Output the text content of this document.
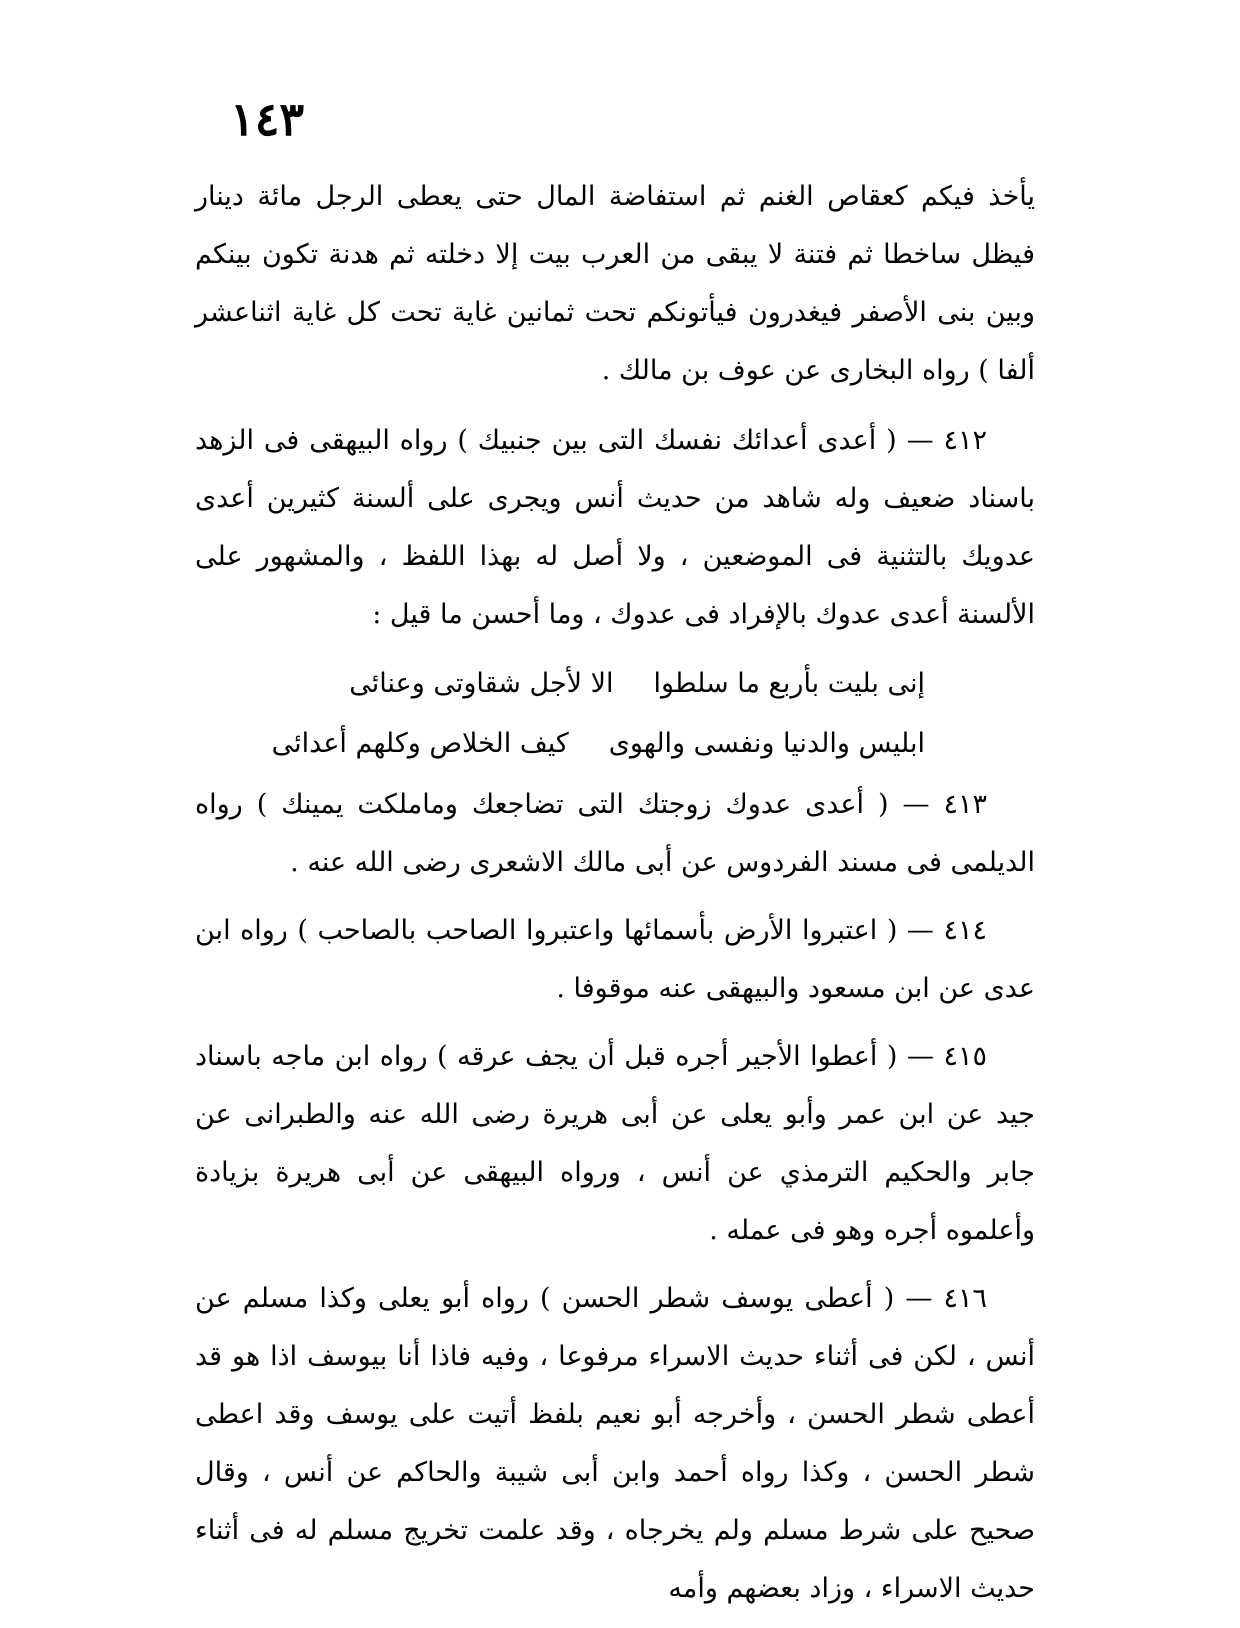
١٤٣

يأخذ فيكم كعقاص الغنم ثم استفاضة المال حتى يعطى الرجل مائة دينار فيظل ساخطا ثم فتنة لا يبقى من العرب بيت إلا دخلته ثم هدنة تكون بينكم وبين بنى الأصفر فيغدرون فيأتونكم تحت ثمانين غاية تحت كل غاية اثناعشر ألفا ) رواه البخارى عن عوف بن مالك .

٤١٢ — ( أعدى أعدائك نفسك التى بين جنبيك ) رواه البيهقى فى الزهد باسناد ضعيف وله شاهد من حديث أنس ويجرى على ألسنة كثيرين أعدى عدويك بالتثنية فى الموضعين ، ولا أصل له بهذا اللفظ ، والمشهور على الألسنة أعدى عدوك بالإفراد فى عدوك ، وما أحسن ما قيل :

إنى بليت بأربع ما سلطوا
الا لأجل شقاوتى وعنائى
ابليس والدنيا ونفسى والهوى
كيف الخلاص وكلهم أعدائى

٤١٣ — ( أعدى عدوك زوجتك التى تضاجعك وماملكت يمينك ) رواه الديلمى فى مسند الفردوس عن أبى مالك الاشعرى رضى الله عنه .

٤١٤ — ( اعتبروا الأرض بأسمائها واعتبروا الصاحب بالصاحب ) رواه ابن عدى عن ابن مسعود والبيهقى عنه موقوفا .

٤١٥ — ( أعطوا الأجير أجره قبل أن يجف عرقه ) رواه ابن ماجه باسناد جيد عن ابن عمر وأبو يعلى عن أبى هريرة رضى الله عنه والطبرانى عن جابر والحكيم الترمذي عن أنس ، ورواه البيهقى عن أبى هريرة بزيادة وأعلموه أجره وهو فى عمله .

٤١٦ — ( أعطى يوسف شطر الحسن ) رواه أبو يعلى وكذا مسلم عن أنس ، لكن فى أثناء حديث الاسراء مرفوعا ، وفيه فاذا أنا بيوسف اذا هو قد أعطى شطر الحسن ، وأخرجه أبو نعيم بلفظ أتيت على يوسف وقد اعطى شطر الحسن ، وكذا رواه أحمد وابن أبى شيبة والحاكم عن أنس ، وقال صحيح على شرط مسلم ولم يخرجاه ، وقد علمت تخريج مسلم له فى أثناء حديث الاسراء ، وزاد بعضهم وأمه
